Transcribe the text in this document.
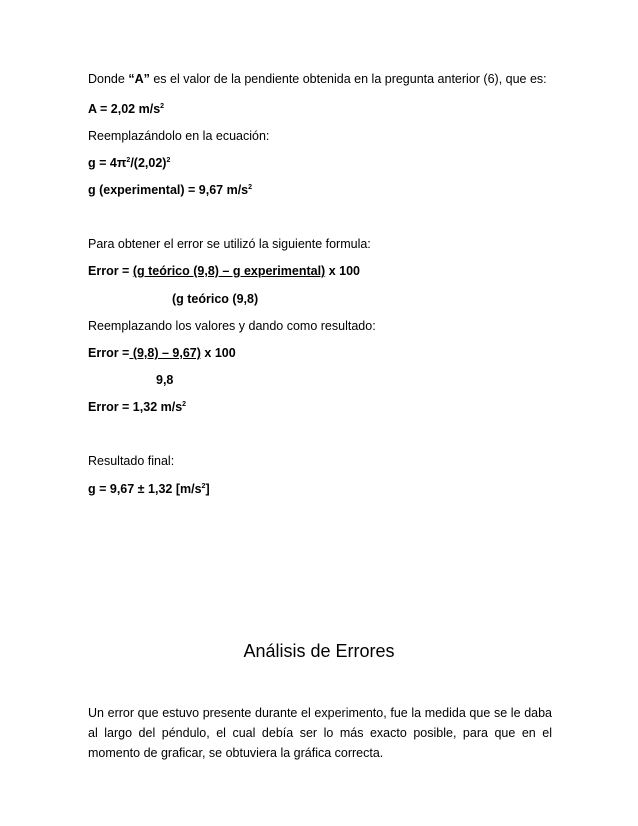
Donde “A” es el valor de la pendiente obtenida en la pregunta anterior (6), que es:
A = 2,02 $m/s^2$
Reemplazándolo en la ecuación:
$g = 4\pi^2/(2,02)^2$
g (experimental) = 9,67 $m/s^2$
Para obtener el error se utilizó la siguiente formula:
Error = (g teórico (9,8) – g experimental) x 100
(g teórico (9,8)
Reemplazando los valores y dando como resultado:
Error = (9,8) – 9,67) x 100
9,8
Error = 1,32 $m/s^2$
Resultado final:
g = 9,67 ± 1,32 $[m/s^2]$
Análisis de Errores
Un error que estuvo presente durante el experimento, fue la medida que se le daba al largo del péndulo, el cual debía ser lo más exacto posible, para que en el momento de graficar, se obtuviera la gráfica correcta.
